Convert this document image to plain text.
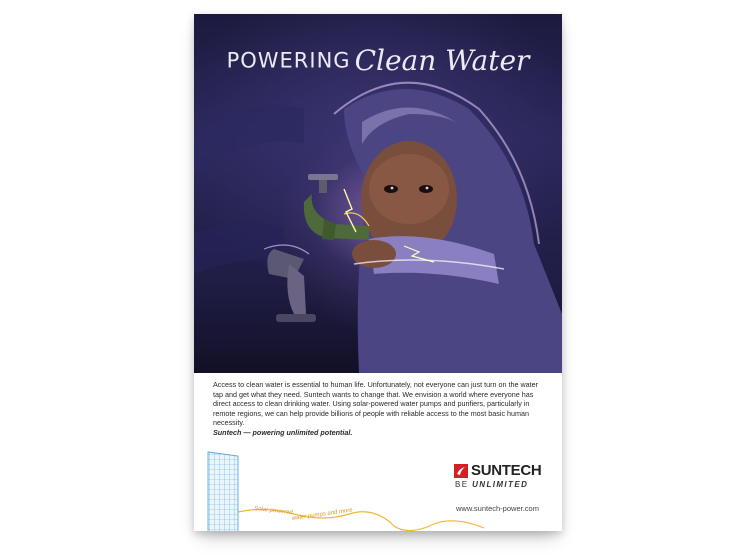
POWERING Clean Water

Access to clean water is essential to human life. Unfortunately, not everyone can just turn on the water tap and get what they need. Suntech wants to change that. We envision a world where everyone has direct access to clean drinking water. Using solar-powered water pumps and purifiers, particularly in remote regions, we can help provide billions of people with reliable access to the most basic human necessity.

Suntech — powering unlimited potential.

Solar powered
water pumps and more
SUNTECH
BE UNLIMITED
www.suntech-power.com
